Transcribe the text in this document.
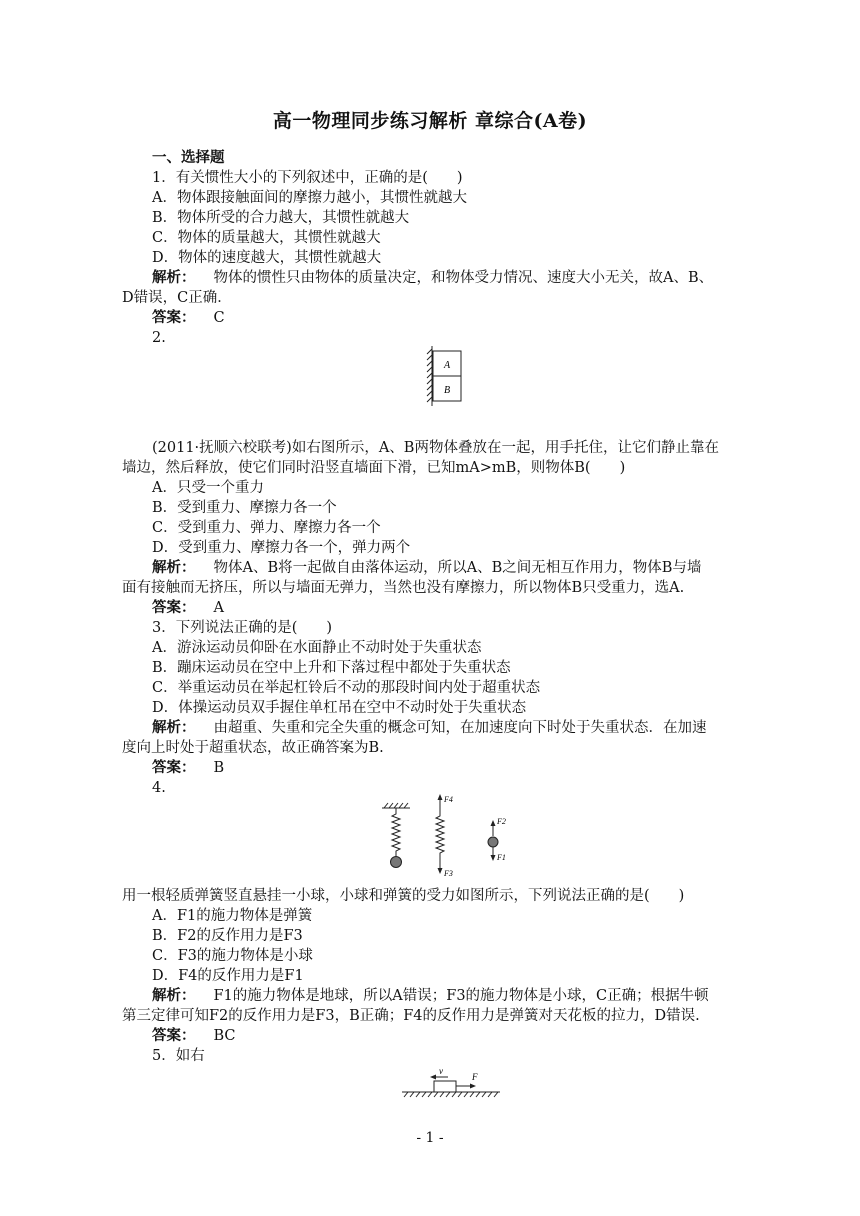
高一物理同步练习解析 章综合(A卷)
一、选择题
1．有关惯性大小的下列叙述中，正确的是(　　)
A．物体跟接触面间的摩擦力越小，其惯性就越大
B．物体所受的合力越大，其惯性就越大
C．物体的质量越大，其惯性就越大
D．物体的速度越大，其惯性就越大
解析： 物体的惯性只由物体的质量决定，和物体受力情况、速度大小无关，故A、B、
D错误，C正确．
答案： C
2.
A
B
(2011·抚顺六校联考)如右图所示，A、B两物体叠放在一起，用手托住，让它们静止靠在
墙边，然后释放，使它们同时沿竖直墙面下滑，已知mA>mB，则物体B(　　)
A．只受一个重力
B．受到重力、摩擦力各一个
C．受到重力、弹力、摩擦力各一个
D．受到重力、摩擦力各一个，弹力两个
解析： 物体A、B将一起做自由落体运动，所以A、B之间无相互作用力，物体B与墙
面有接触而无挤压，所以与墙面无弹力，当然也没有摩擦力，所以物体B只受重力，选A.
答案： A
3．下列说法正确的是(　　)
A．游泳运动员仰卧在水面静止不动时处于失重状态
B．蹦床运动员在空中上升和下落过程中都处于失重状态
C．举重运动员在举起杠铃后不动的那段时间内处于超重状态
D．体操运动员双手握住单杠吊在空中不动时处于失重状态
解析： 由超重、失重和完全失重的概念可知，在加速度向下时处于失重状态．在加速
度向上时处于超重状态，故正确答案为B.
答案： B
4.
F4
F3
F2
F1
用一根轻质弹簧竖直悬挂一小球，小球和弹簧的受力如图所示，下列说法正确的是(　　)
A．F1的施力物体是弹簧
B．F2的反作用力是F3
C．F3的施力物体是小球
D．F4的反作用力是F1
解析： F1的施力物体是地球，所以A错误；F3的施力物体是小球，C正确；根据牛顿
第三定律可知F2的反作用力是F3，B正确；F4的反作用力是弹簧对天花板的拉力，D错误.
答案： BC
5．如右
v
F
- 1 -
